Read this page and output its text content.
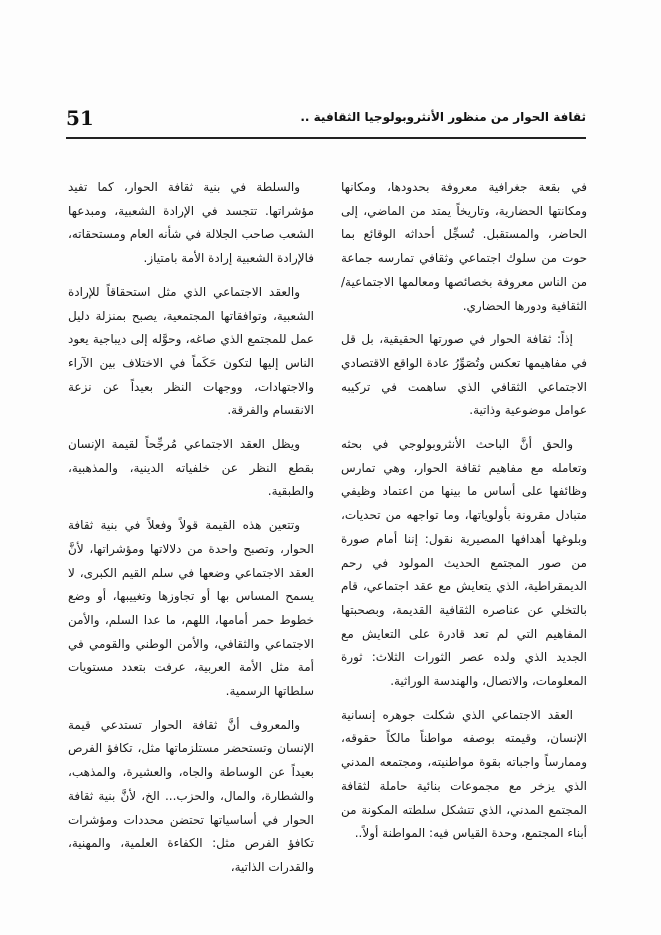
51	ثقافة الحوار من منظور الأنثروبولوجيا الثقافية ..

في بقعة جغرافية معروفة بحدودها، ومكانها ومكانتها الحضارية، وتاريخاً يمتد من الماضي، إلى الحاضر، والمستقبل. تُسجِّل أحداثه الوقائع بما حوت من سلوك اجتماعي وثقافي تمارسه جماعة من الناس معروفة بخصائصها ومعالمها الاجتماعية/ الثقافية ودورها الحضاري.

إذاً: ثقافة الحوار في صورتها الحقيقية، بل قل في مفاهيمها تعكس وتُصَوِّرُ عادة الواقع الاقتصادي الاجتماعي الثقافي الذي ساهمت في تركيبه عوامل موضوعية وذاتية.

والحق أنَّ الباحث الأنثروبولوجي في بحثه وتعامله مع مفاهيم ثقافة الحوار، وهي تمارس وظائفها على أساس ما بينها من اعتماد وظيفي متبادل مقرونة بأولوياتها، وما تواجهه من تحديات، وبلوغها أهدافها المصيرية نقول: إننا أمام صورة من صور المجتمع الحديث المولود في رحم الديمقراطية، الذي يتعايش مع عقد اجتماعي، قام بالتخلي عن عناصره الثقافية القديمة، وبصحبتها المفاهيم التي لم تعد قادرة على التعايش مع الجديد الذي ولده عصر الثورات الثلاث: ثورة المعلومات، والاتصال، والهندسة الوراثية.

العقد الاجتماعي الذي شكلت جوهره إنسانية الإنسان، وقيمته بوصفه مواطناً مالكاً حقوقه، وممارساً واجباته بقوة مواطنيته، ومجتمعه المدني الذي يزخر مع مجموعات بنائية حاملة لثقافة المجتمع المدني، الذي تتشكل سلطته المكونة من أبناء المجتمع، وحدة القياس فيه: المواطنة أولاً..

والسلطة في بنية ثقافة الحوار، كما تفيد مؤشراتها. تتجسد في الإرادة الشعبية، ومبدعها الشعب صاحب الجلالة في شأنه العام ومستحقاته، فالإرادة الشعبية إرادة الأمة بامتياز.

والعقد الاجتماعي الذي مثل استحقاقاً للإرادة الشعبية، وتوافقاتها المجتمعية، يصبح بمنزلة دليل عمل للمجتمع الذي صاغه، وحوَّله إلى ديباجية يعود الناس إليها لتكون حَكَماً في الاختلاف بين الآراء والاجتهادات، ووجهات النظر بعيداً عن نزعة الانقسام والفرقة.

ويظل العقد الاجتماعي مُرجِّحاً لقيمة الإنسان بقطع النظر عن خلفياته الدينية، والمذهبية، والطبقية.

وتتعين هذه القيمة قولاً وفعلاً في بنية ثقافة الحوار، وتصبح واحدة من دلالاتها ومؤشراتها، لأنَّ العقد الاجتماعي وضعها في سلم القيم الكبرى، لا يسمح المساس بها أو تجاوزها وتغييبها، أو وضع خطوط حمر أمامها، اللهم، ما عدا السلم، والأمن الاجتماعي والثقافي، والأمن الوطني والقومي في أمة مثل الأمة العربية، عرفت بتعدد مستويات سلطاتها الرسمية.

والمعروف أنَّ ثقافة الحوار تستدعي قيمة الإنسان وتستحضر مستلزماتها مثل، تكافؤ الفرص بعيداً عن الوساطة والجاه، والعشيرة، والمذهب، والشطارة، والمال، والحزب... الخ، لأنَّ بنية ثقافة الحوار في أساسياتها تحتضن محددات ومؤشرات تكافؤ الفرص مثل: الكفاءة العلمية، والمهنية، والقدرات الذاتية،
